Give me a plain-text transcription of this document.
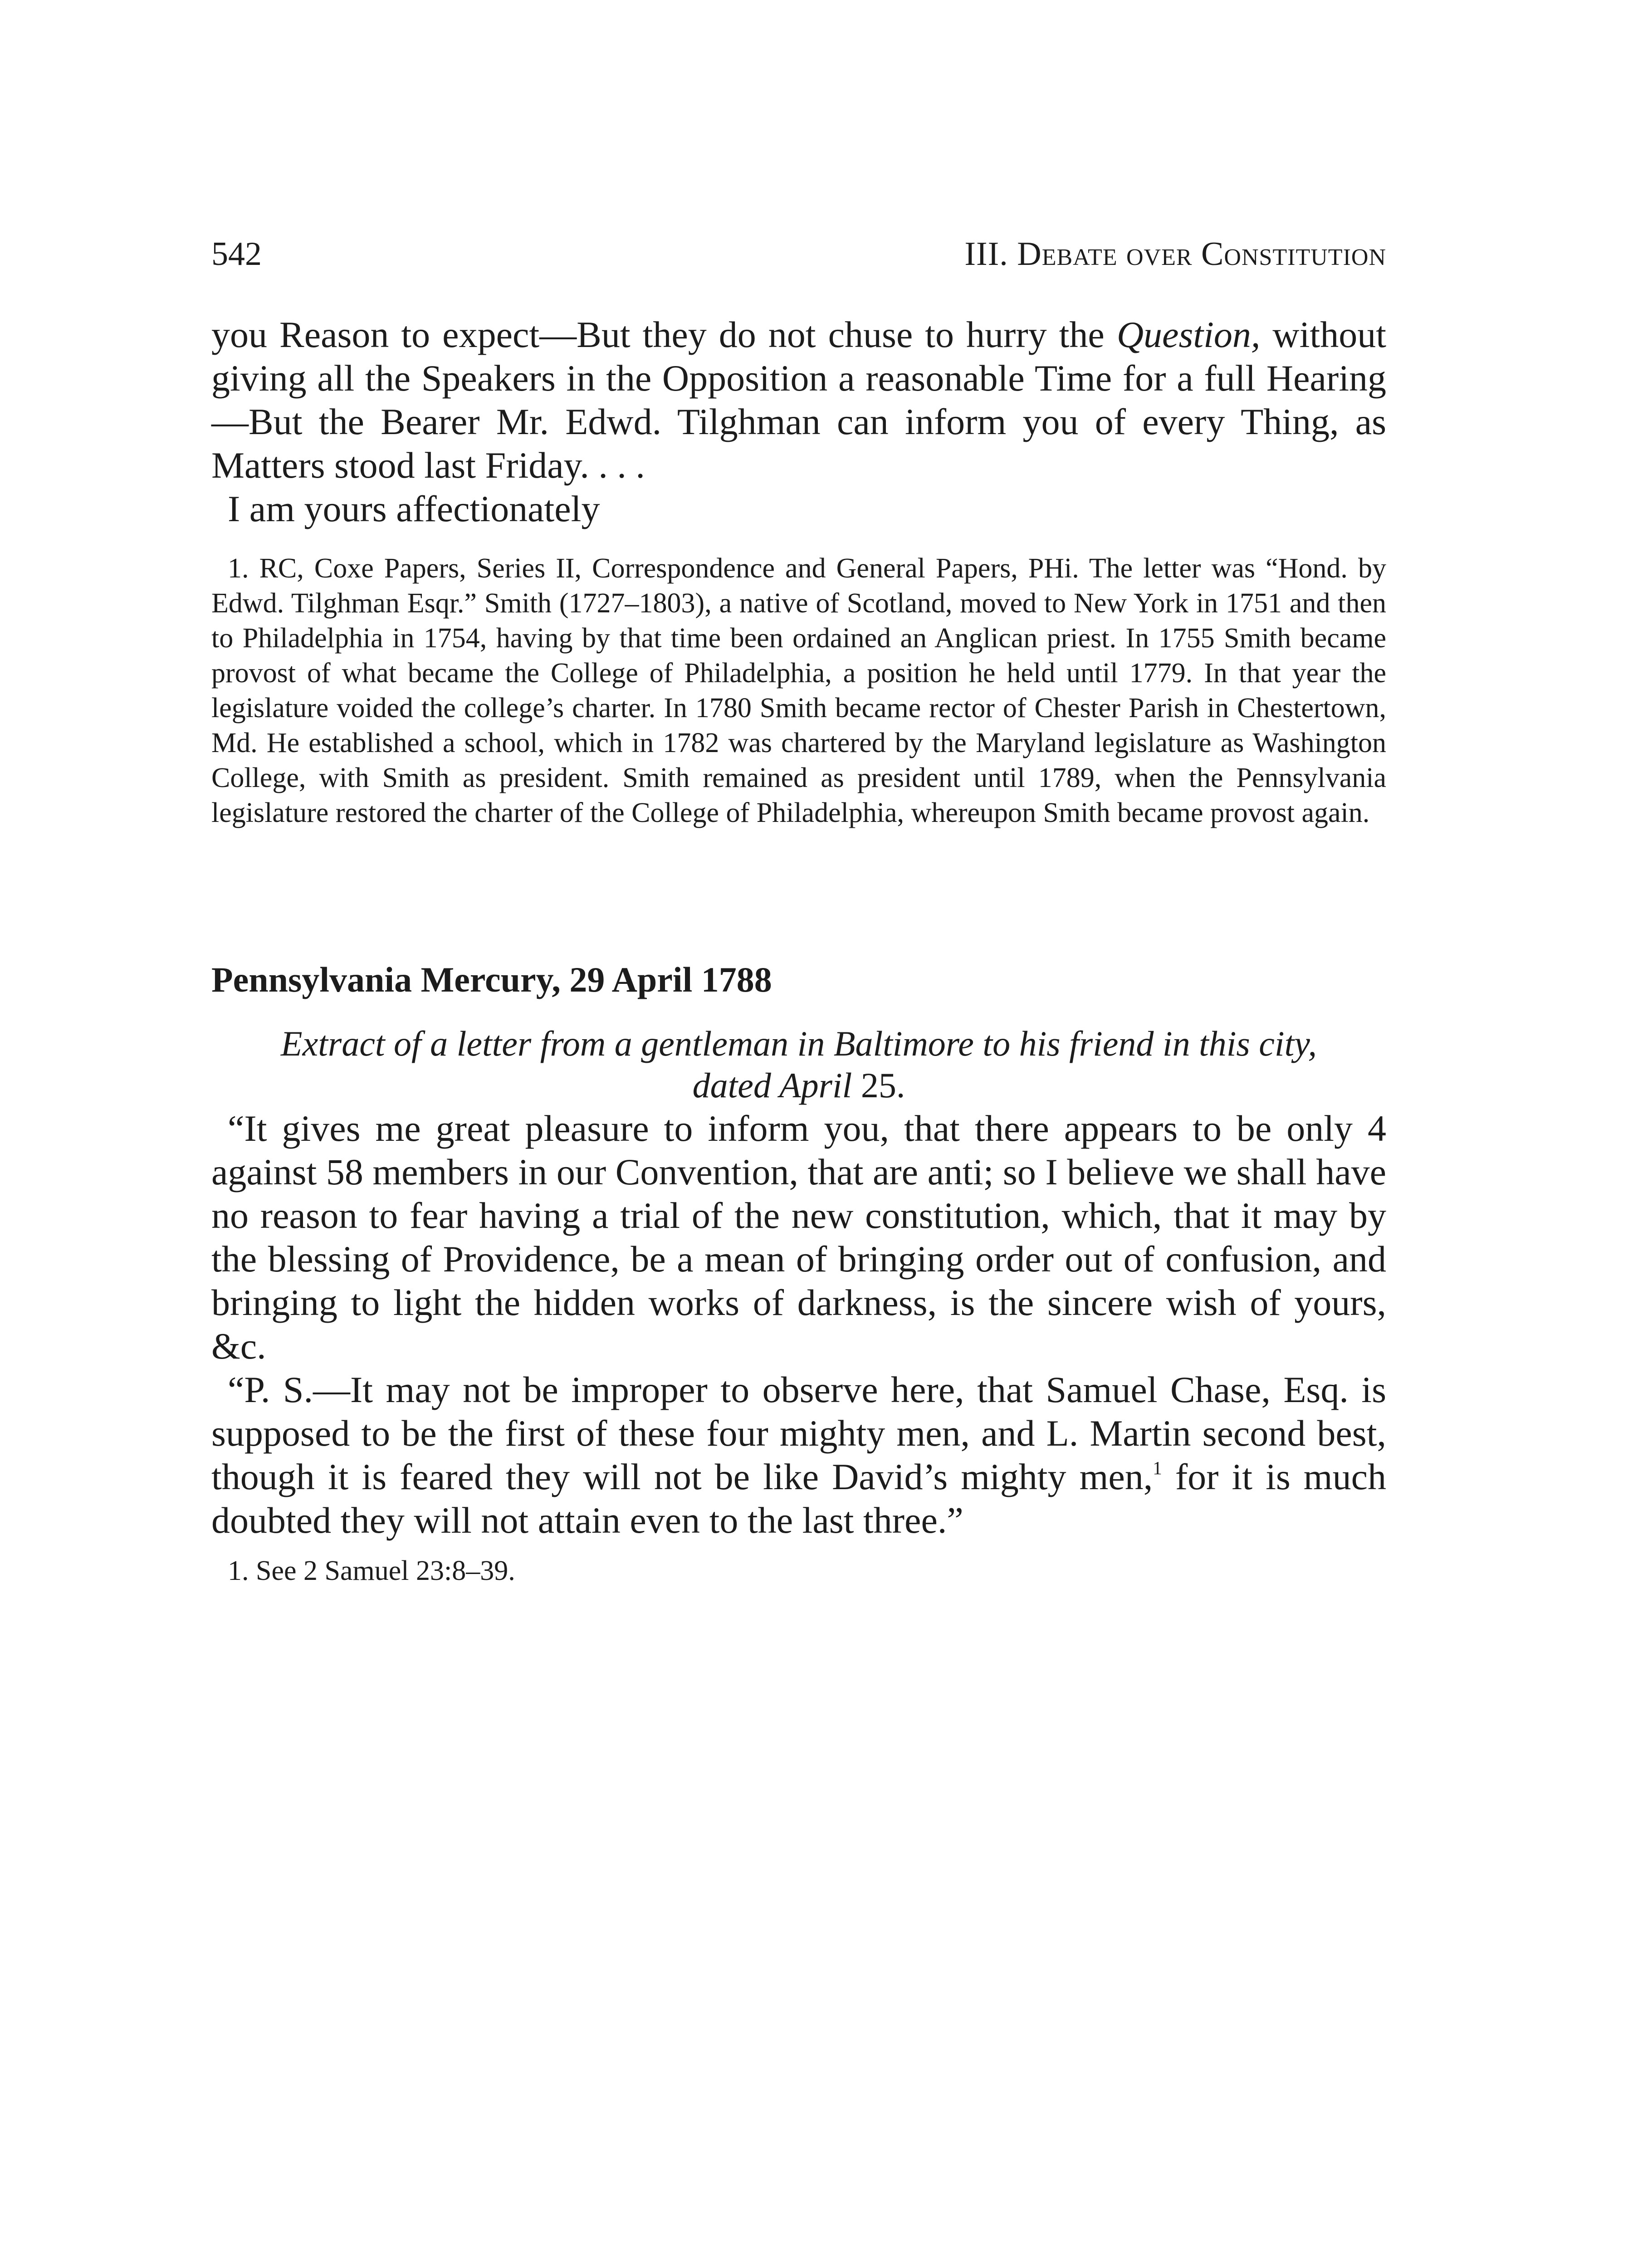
542	III. Debate over Constitution

you Reason to expect—But they do not chuse to hurry the Question, without giving all the Speakers in the Opposition a reasonable Time for a full Hearing—But the Bearer Mr. Edwd. Tilghman can inform you of every Thing, as Matters stood last Friday. . . .

I am yours affectionately

1. RC, Coxe Papers, Series II, Correspondence and General Papers, PHi. The letter was “Hond. by Edwd. Tilghman Esqr.” Smith (1727–1803), a native of Scotland, moved to New York in 1751 and then to Philadelphia in 1754, having by that time been ordained an Anglican priest. In 1755 Smith became provost of what became the College of Philadelphia, a position he held until 1779. In that year the legislature voided the college’s charter. In 1780 Smith became rector of Chester Parish in Chestertown, Md. He established a school, which in 1782 was chartered by the Maryland legislature as Washington College, with Smith as president. Smith remained as president until 1789, when the Pennsylvania legislature restored the charter of the College of Philadelphia, whereupon Smith became provost again.

Pennsylvania Mercury, 29 April 1788

Extract of a letter from a gentleman in Baltimore to his friend in this city,
dated April 25.

“It gives me great pleasure to inform you, that there appears to be only 4 against 58 members in our Convention, that are anti; so I believe we shall have no reason to fear having a trial of the new constitution, which, that it may by the blessing of Providence, be a mean of bringing order out of confusion, and bringing to light the hidden works of darkness, is the sincere wish of yours, &c.

“P. S.—It may not be improper to observe here, that Samuel Chase, Esq. is supposed to be the first of these four mighty men, and L. Martin second best, though it is feared they will not be like David’s mighty men,$^1$ for it is much doubted they will not attain even to the last three.”

1. See 2 Samuel 23:8–39.
